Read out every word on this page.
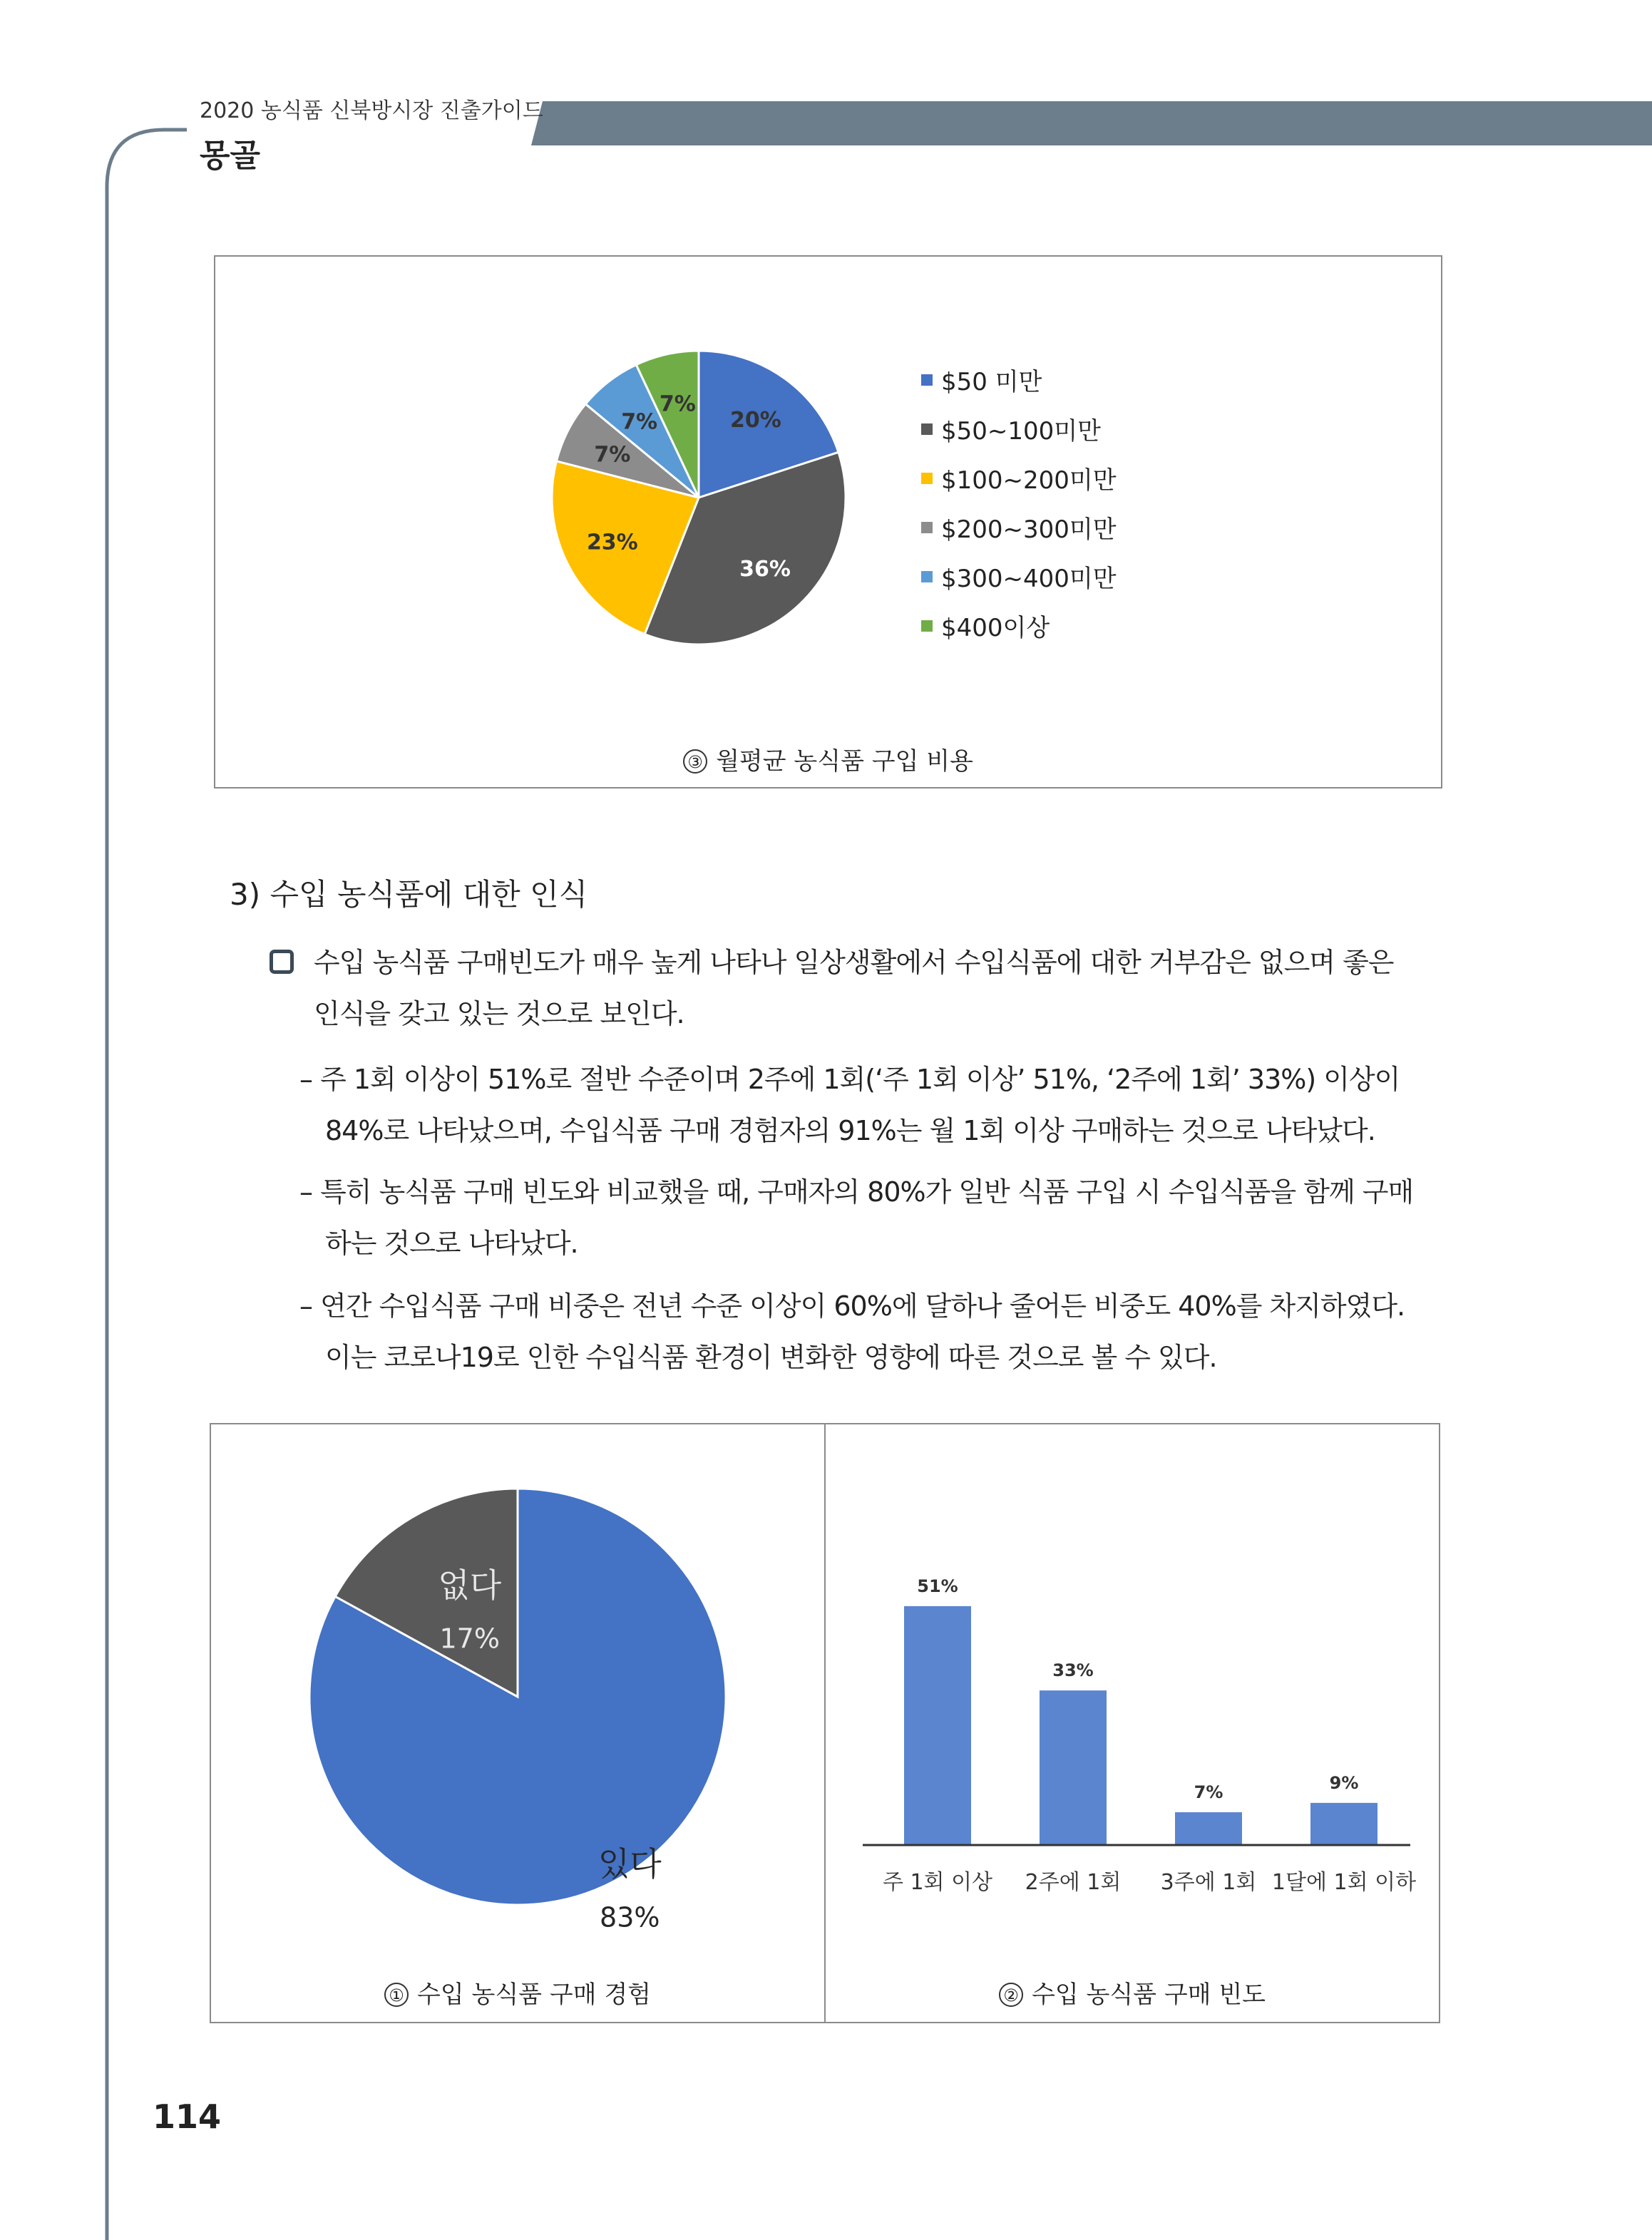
2020 농식품 신북방시장 진출가이드
몽골
20%
36%
23%
7%
7%
7%
$50 미만
$50~100미만
$100~200미만
$200~300미만
$300~400미만
$400이상
③ 월평균 농식품 구입 비용
3) 수입 농식품에 대한 인식
수입 농식품 구매빈도가 매우 높게 나타나 일상생활에서 수입식품에 대한 거부감은 없으며 좋은
인식을 갖고 있는 것으로 보인다.
– 주 1회 이상이 51%로 절반 수준이며 2주에 1회(‘주 1회 이상’ 51%, ‘2주에 1회’ 33%) 이상이
84%로 나타났으며, 수입식품 구매 경험자의 91%는 월 1회 이상 구매하는 것으로 나타났다.
– 특히 농식품 구매 빈도와 비교했을 때, 구매자의 80%가 일반 식품 구입 시 수입식품을 함께 구매
하는 것으로 나타났다.
– 연간 수입식품 구매 비중은 전년 수준 이상이 60%에 달하나 줄어든 비중도 40%를 차지하였다.
이는 코로나19로 인한 수입식품 환경이 변화한 영향에 따른 것으로 볼 수 있다.
있다
83%
없다
17%
51%
주 1회 이상
33%
2주에 1회
7%
3주에 1회
9%
1달에 1회 이하
① 수입 농식품 구매 경험	② 수입 농식품 구매 빈도
114
